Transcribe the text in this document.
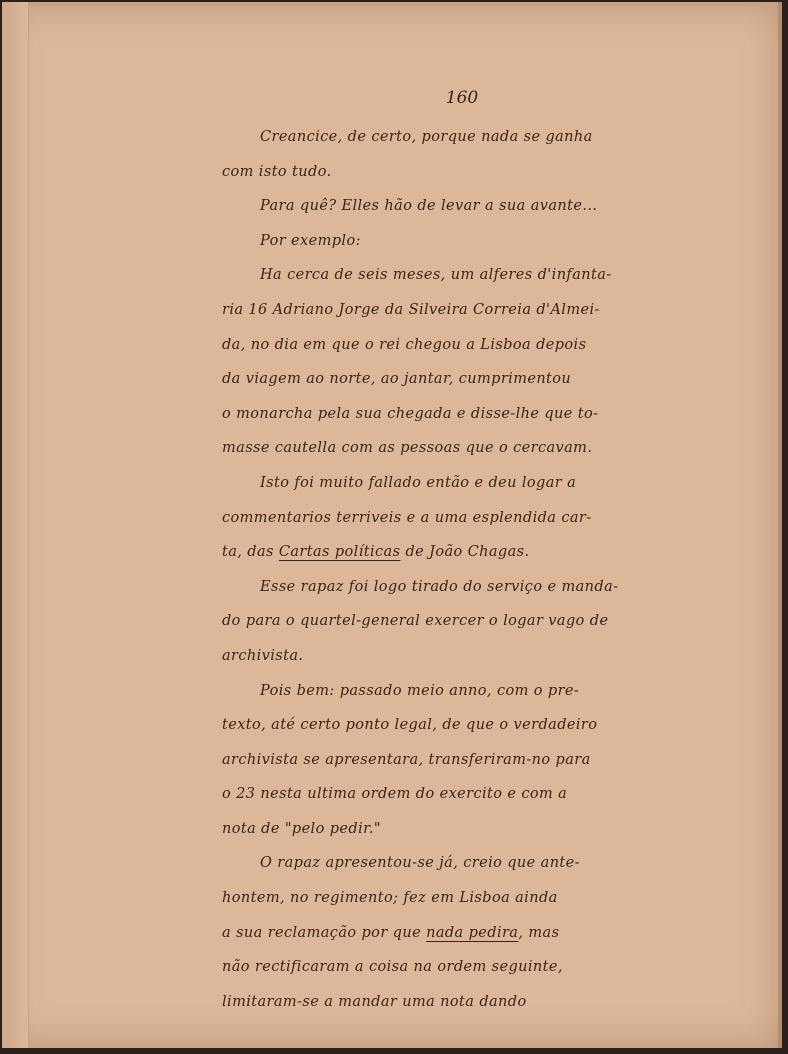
160
Creancice, de certo, porque nada se ganha
com isto tudo.
Para quê? Elles hão de levar a sua avante...
Por exemplo:
Ha cerca de seis meses, um alferes d'infanta-
ria 16 Adriano Jorge da Silveira Correia d'Almei-
da, no dia em que o rei chegou a Lisboa depois
da viagem ao norte, ao jantar, cumprimentou
o monarcha pela sua chegada e disse-lhe que to-
masse cautella com as pessoas que o cercavam.
Isto foi muito fallado então e deu logar a
commentarios terriveis e a uma esplendida car-
ta, das Cartas políticas de João Chagas.
Esse rapaz foi logo tirado do serviço e manda-
do para o quartel-general exercer o logar vago de
archivista.
Pois bem: passado meio anno, com o pre-
texto, até certo ponto legal, de que o verdadeiro
archivista se apresentara, transferiram-no para
o 23 nesta ultima ordem do exercito e com a
nota de "pelo pedir."
O rapaz apresentou-se já, creio que ante-
hontem, no regimento; fez em Lisboa ainda
a sua reclamação por que nada pedira, mas
não rectificaram a coisa na ordem seguinte,
limitaram-se a mandar uma nota dando
